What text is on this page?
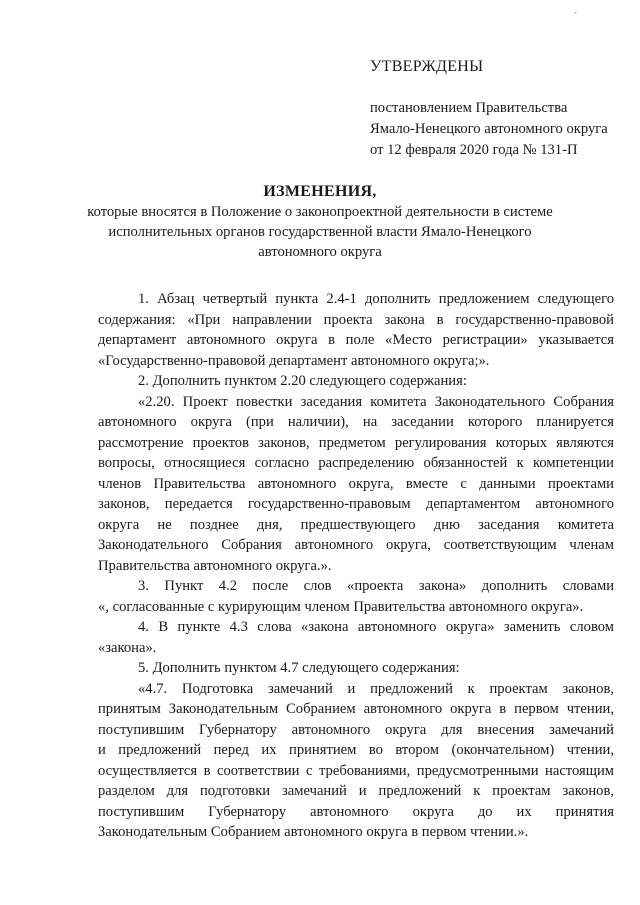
-
УТВЕРЖДЕНЫ
постановлением Правительства
Ямало-Ненецкого автономного округа
от 12 февраля 2020 года № 131-П
ИЗМЕНЕНИЯ,
которые вносятся в Положение о законопроектной деятельности в системе
исполнительных органов государственной власти Ямало-Ненецкого
автономного округа
1. Абзац четвертый пункта 2.4-1 дополнить предложением следующего
содержания: «При направлении проекта закона в государственно-правовой
департамент автономного округа в поле «Место регистрации» указывается
«Государственно-правовой департамент автономного округа;».
2. Дополнить пунктом 2.20 следующего содержания:
«2.20. Проект повестки заседания комитета Законодательного Собрания
автономного округа (при наличии), на заседании которого планируется
рассмотрение проектов законов, предметом регулирования которых являются
вопросы, относящиеся согласно распределению обязанностей к компетенции
членов Правительства автономного округа, вместе с данными проектами
законов, передается государственно-правовым департаментом автономного
округа не позднее дня, предшествующего дню заседания комитета
Законодательного Собрания автономного округа, соответствующим членам
Правительства автономного округа.».
3. Пункт 4.2 после слов «проекта закона» дополнить словами
«, согласованные с курирующим членом Правительства автономного округа».
4. В пункте 4.3 слова «закона автономного округа» заменить словом
«закона».
5. Дополнить пунктом 4.7 следующего содержания:
«4.7. Подготовка замечаний и предложений к проектам законов,
принятым Законодательным Собранием автономного округа в первом чтении,
поступившим Губернатору автономного округа для внесения замечаний
и предложений перед их принятием во втором (окончательном) чтении,
осуществляется в соответствии с требованиями, предусмотренными настоящим
разделом для подготовки замечаний и предложений к проектам законов,
поступившим Губернатору автономного округа до их принятия
Законодательным Собранием автономного округа в первом чтении.».
